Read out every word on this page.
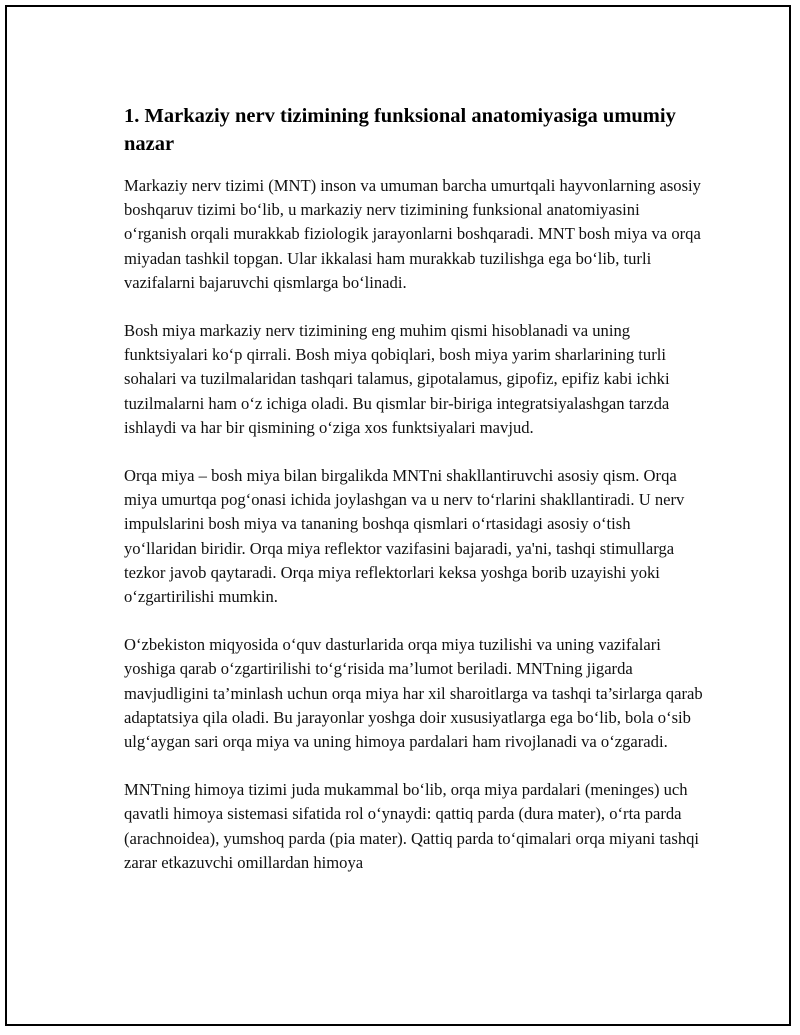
1. Markaziy nerv tizimining funksional anatomiyasiga umumiy nazar

Markaziy nerv tizimi (MNT) inson va umuman barcha umurtqali hayvonlarning asosiy boshqaruv tizimi bo‘lib, u markaziy nerv tizimining funksional anatomiyasini o‘rganish orqali murakkab fiziologik jarayonlarni boshqaradi. MNT bosh miya va orqa miyadan tashkil topgan. Ular ikkalasi ham murakkab tuzilishga ega bo‘lib, turli vazifalarni bajaruvchi qismlarga bo‘linadi.

Bosh miya markaziy nerv tizimining eng muhim qismi hisoblanadi va uning funktsiyalari ko‘p qirrali. Bosh miya qobiqlari, bosh miya yarim sharlarining turli sohalari va tuzilmalaridan tashqari talamus, gipotalamus, gipofiz, epifiz kabi ichki tuzilmalarni ham o‘z ichiga oladi. Bu qismlar bir-biriga integratsiyalashgan tarzda ishlaydi va har bir qismining o‘ziga xos funktsiyalari mavjud.

Orqa miya – bosh miya bilan birgalikda MNTni shakllantiruvchi asosiy qism. Orqa miya umurtqa pog‘onasi ichida joylashgan va u nerv to‘rlarini shakllantiradi. U nerv impulslarini bosh miya va tananing boshqa qismlari o‘rtasidagi asosiy o‘tish yo‘llaridan biridir. Orqa miya reflektor vazifasini bajaradi, ya'ni, tashqi stimullarga tezkor javob qaytaradi. Orqa miya reflektorlari keksa yoshga borib uzayishi yoki o‘zgartirilishi mumkin.

O‘zbekiston miqyosida o‘quv dasturlarida orqa miya tuzilishi va uning vazifalari yoshiga qarab o‘zgartirilishi to‘g‘risida ma’lumot beriladi. MNTning jigarda mavjudligini ta’minlash uchun orqa miya har xil sharoitlarga va tashqi ta’sirlarga qarab adaptatsiya qila oladi. Bu jarayonlar yoshga doir xususiyatlarga ega bo‘lib, bola o‘sib ulg‘aygan sari orqa miya va uning himoya pardalari ham rivojlanadi va o‘zgaradi.

MNTning himoya tizimi juda mukammal bo‘lib, orqa miya pardalari (meninges) uch qavatli himoya sistemasi sifatida rol o‘ynaydi: qattiq parda (dura mater), o‘rta parda (arachnoidea), yumshoq parda (pia mater). Qattiq parda to‘qimalari orqa miyani tashqi zarar etkazuvchi omillardan himoya
